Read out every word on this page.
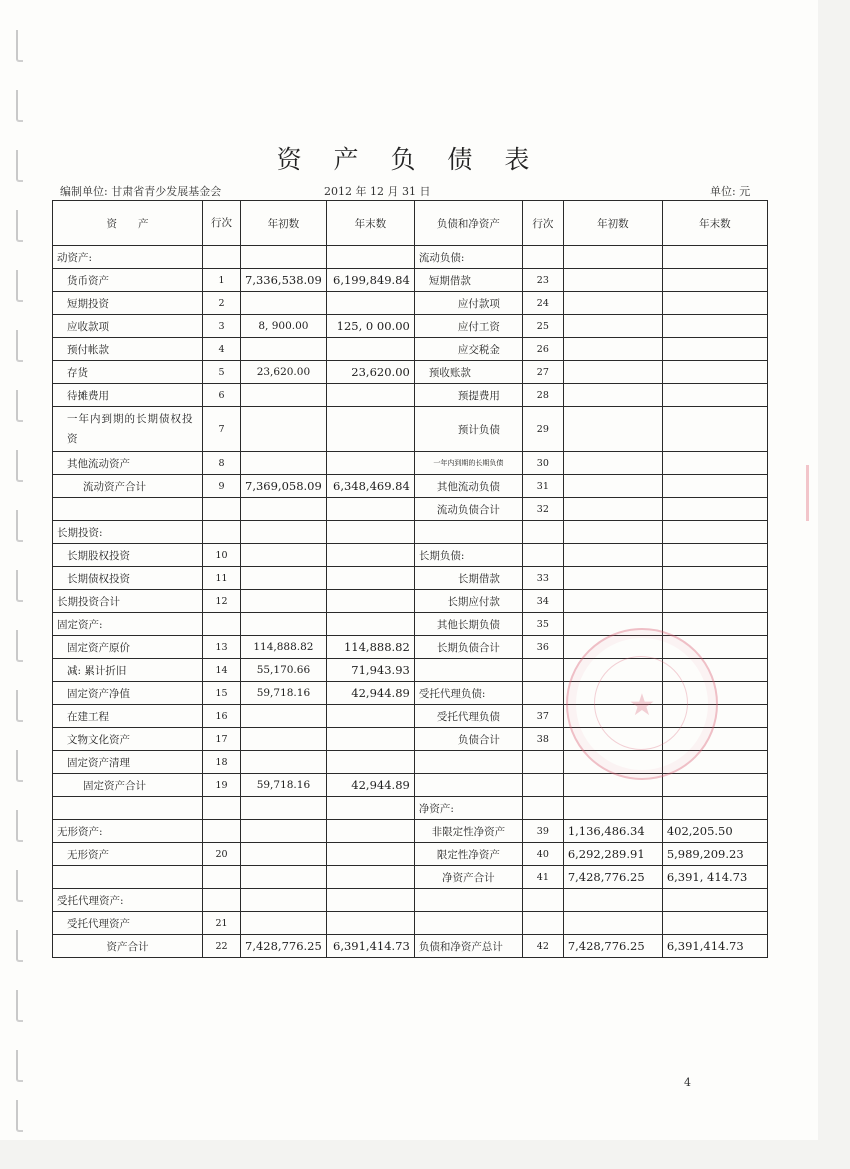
资 产 负 债 表
编制单位: 甘肃省青少发展基金会	2012 年 12 月 31 日	单位: 元
资　　产	行次	年初数	年末数	负债和净资产	行次	年初数	年末数
动资产:				流动负债:			
货币资产	1	7,336,538.09	6,199,849.84	短期借款	23		
短期投资	2			应付款项	24		
应收款项	3	8, 900.00	125, 0 00.00	应付工资	25		
预付帐款	4			应交税金	26		
存货	5	23,620.00	23,620.00	预收账款	27		
待摊费用	6			预提费用	28		
一年内到期的长期债权投资	7			预计负债	29		
其他流动资产	8			一年内到期的长期负债	30		
流动资产合计	9	7,369,058.09	6,348,469.84	其他流动负债	31		
				流动负债合计	32		
长期投资:							
长期股权投资	10			长期负债:			
长期债权投资	11			长期借款	33		
长期投资合计	12			长期应付款	34		
固定资产:				其他长期负债	35		
固定资产原价	13	114,888.82	114,888.82	长期负债合计	36		
减: 累计折旧	14	55,170.66	71,943.93				
固定资产净值	15	59,718.16	42,944.89	受托代理负债:			
在建工程	16			受托代理负债	37		
文物文化资产	17			负债合计	38		
固定资产清理	18						
固定资产合计	19	59,718.16	42,944.89				
				净资产:			
无形资产:				非限定性净资产	39	1,136,486.34	402,205.50
无形资产	20			限定性净资产	40	6,292,289.91	5,989,209.23
				净资产合计	41	7,428,776.25	6,391, 414.73
受托代理资产:							
受托代理资产	21						
资产合计	22	7,428,776.25	6,391,414.73	负债和净资产总计	42	7,428,776.25	6,391,414.73
★
4
